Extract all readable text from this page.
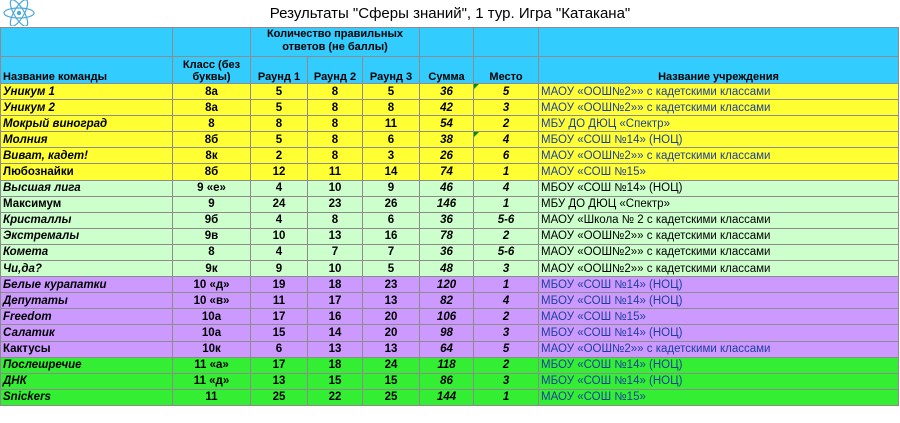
Результаты "Сферы знаний", 1 тур. Игра "Катакана"
		Количество правильных ответов (не баллы)					
Название команды	Класс (без буквы)	Раунд 1	Раунд 2	Раунд 3	Сумма	Место	Название учреждения
Уникум 1	8а	5	8	5	36	5	МАОУ «ООШ№2»» с кадетскими классами
Уникум 2	8а	5	8	8	42	3	МАОУ «ООШ№2»» с кадетскими классами
Мокрый виноград	8	8	8	11	54	2	МБУ ДО ДЮЦ «Спектр»
Молния	8б	5	8	6	38	4	МБОУ «СОШ №14» (НОЦ)
Виват, кадет!	8к	2	8	3	26	6	МАОУ «ООШ№2»» с кадетскими классами
Любознайки	8б	12	11	14	74	1	МАОУ «СОШ №15»
Высшая лига	9 «е»	4	10	9	46	4	МБОУ «СОШ №14» (НОЦ)
Максимум	9	24	23	26	146	1	МБУ ДО ДЮЦ «Спектр»
Кристаллы	9б	4	8	6	36	5-6	МАОУ «Школа № 2 с кадетскими классами
Экстремалы	9в	10	13	16	78	2	МАОУ «ООШ№2»» с кадетскими классами
Комета	8	4	7	7	36	5-6	МАОУ «ООШ№2»» с кадетскими классами
Чи,да?	9к	9	10	5	48	3	МАОУ «ООШ№2»» с кадетскими классами
Белые курапатки	10 «д»	19	18	23	120	1	МБОУ «СОШ №14» (НОЦ)
Депутаты	10 «в»	11	17	13	82	4	МБОУ «СОШ №14» (НОЦ)
Freedom	10а	17	16	20	106	2	МАОУ «СОШ №15»
Салатик	10а	15	14	20	98	3	МБОУ «СОШ №14» (НОЦ)
Кактусы	10к	6	13	13	64	5	МАОУ «ООШ№2»» с кадетскими классами
Послешречие	11 «а»	17	18	24	118	2	МБОУ «СОШ №14» (НОЦ)
ДНК	11 «д»	13	15	15	86	3	МБОУ «СОШ №14» (НОЦ)
Snickers	11	25	22	25	144	1	МАОУ «СОШ №15»
